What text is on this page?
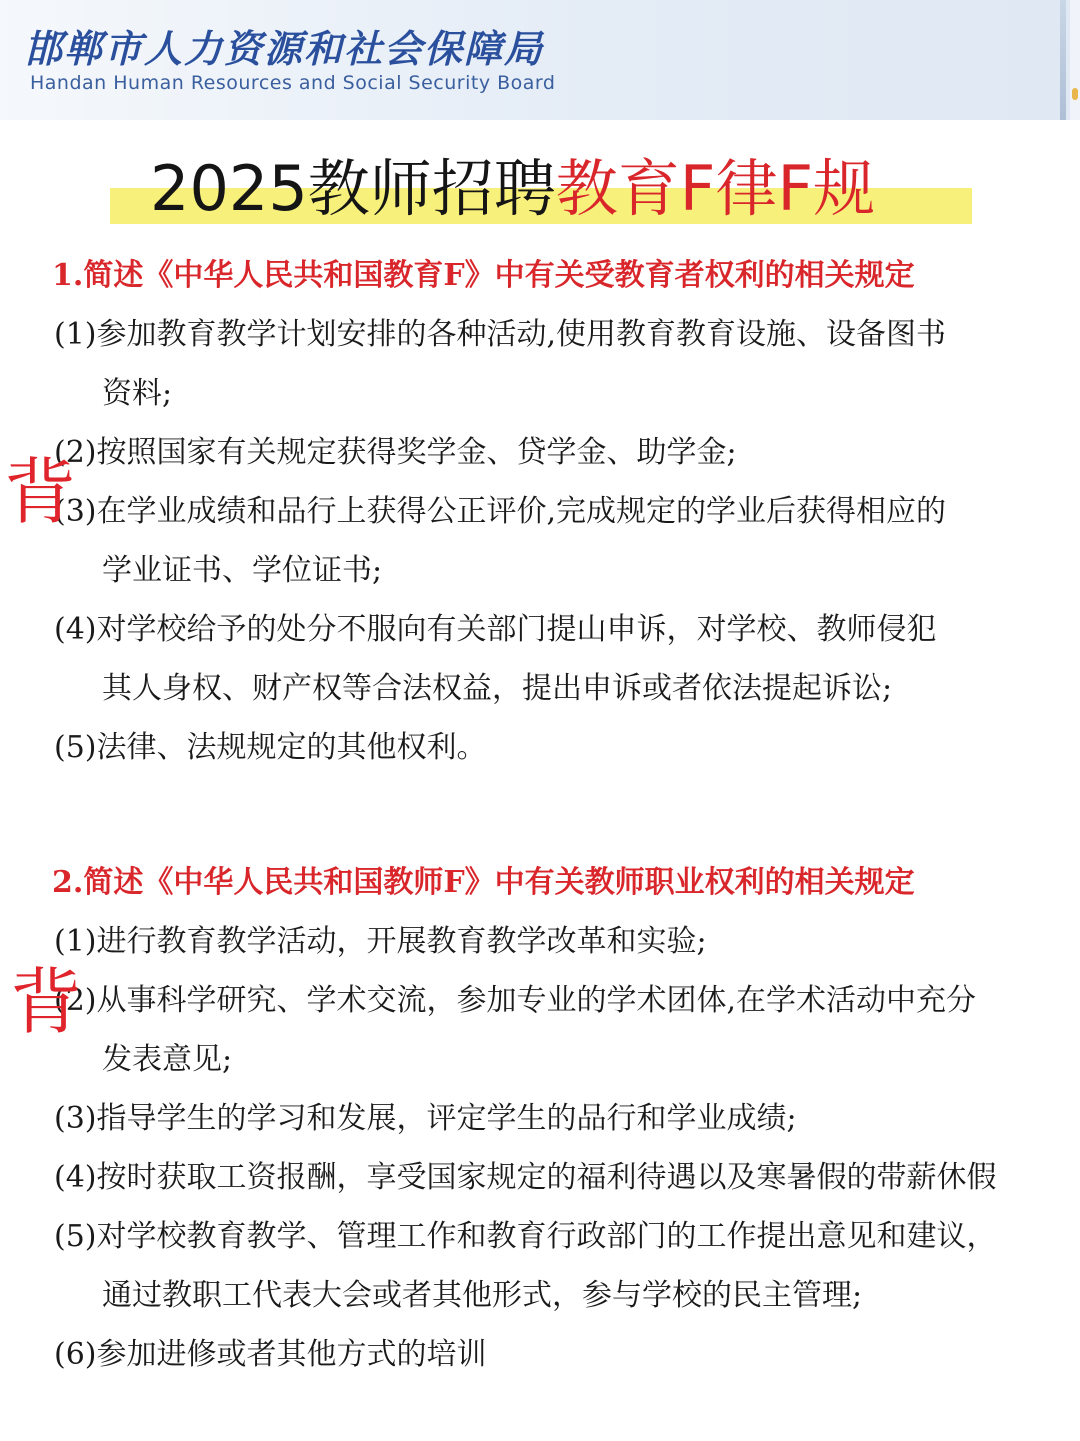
邯郸市人力资源和社会保障局
Handan Human Resources and Social Security Board
2025教师招聘教育F律F规
1.简述《中华人民共和国教育F》中有关受教育者权利的相关规定
(1)参加教育教学计划安排的各种活动,使用教育教育设施、设备图书
资料;
(2)按照国家有关规定获得奖学金、贷学金、助学金;
(3)在学业成绩和品行上获得公正评价,完成规定的学业后获得相应的
学业证书、学位证书;
(4)对学校给予的处分不服向有关部门提山申诉，对学校、教师侵犯
其人身权、财产权等合法权益，提出申诉或者依法提起诉讼;
(5)法律、法规规定的其他权利。
2.简述《中华人民共和国教师F》中有关教师职业权利的相关规定
(1)进行教育教学活动，开展教育教学改革和实验;
(2)从事科学研究、学术交流，参加专业的学术团体,在学术活动中充分
发表意见;
(3)指导学生的学习和发展，评定学生的品行和学业成绩;
(4)按时获取工资报酬，享受国家规定的福利待遇以及寒暑假的带薪休假
(5)对学校教育教学、管理工作和教育行政部门的工作提出意见和建议，
通过教职工代表大会或者其他形式，参与学校的民主管理;
(6)参加进修或者其他方式的培训
背
背
